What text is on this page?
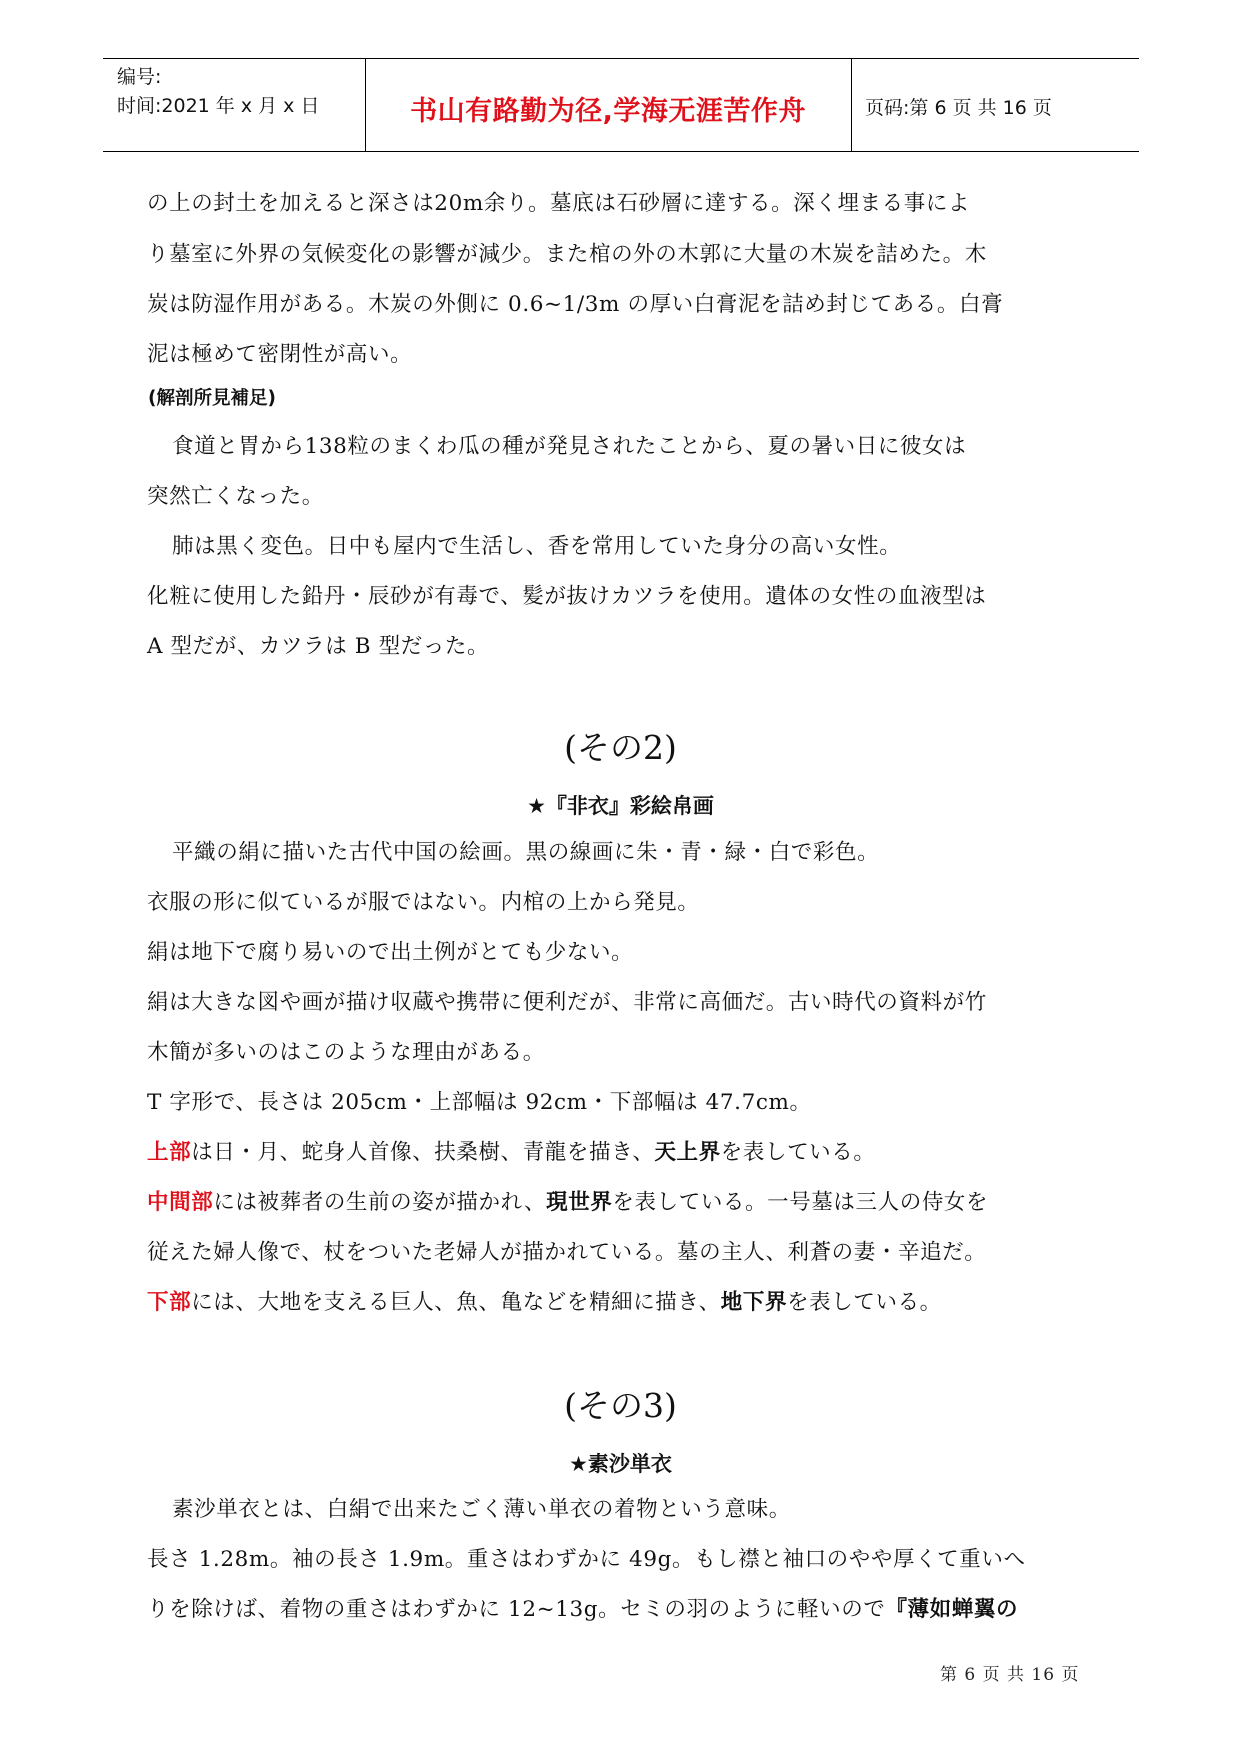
编号:
时间:2021 年 x 月 x 日	书山有路勤为径,学海无涯苦作舟	页码:第 6 页 共 16 页
の上の封土を加えると深さは20m余り。墓底は石砂層に達する。深く埋まる事によ
り墓室に外界の気候変化の影響が減少。また棺の外の木郭に大量の木炭を詰めた。木
炭は防湿作用がある。木炭の外側に 0.6~1/3m の厚い白膏泥を詰め封じてある。白膏
泥は極めて密閉性が高い。
(解剖所見補足)
食道と胃から138粒のまくわ瓜の種が発見されたことから、夏の暑い日に彼女は
突然亡くなった。
肺は黒く変色。日中も屋内で生活し、香を常用していた身分の高い女性。
化粧に使用した鉛丹・辰砂が有毒で、髪が抜けカツラを使用。遺体の女性の血液型は
A 型だが、カツラは B 型だった。
(その2)
★『非衣』彩絵帛画
平織の絹に描いた古代中国の絵画。黒の線画に朱・青・緑・白で彩色。
衣服の形に似ているが服ではない。内棺の上から発見。
絹は地下で腐り易いので出土例がとても少ない。
絹は大きな図や画が描け収蔵や携帯に便利だが、非常に高価だ。古い時代の資料が竹
木簡が多いのはこのような理由がある。
T 字形で、長さは 205cm・上部幅は 92cm・下部幅は 47.7cm。
上部は日・月、蛇身人首像、扶桑樹、青龍を描き、天上界を表している。
中間部には被葬者の生前の姿が描かれ、現世界を表している。一号墓は三人の侍女を
従えた婦人像で、杖をついた老婦人が描かれている。墓の主人、利蒼の妻・辛追だ。
下部には、大地を支える巨人、魚、亀などを精細に描き、地下界を表している。
(その3)
★素沙単衣
素沙単衣とは、白絹で出来たごく薄い単衣の着物という意味。
長さ 1.28m。袖の長さ 1.9m。重さはわずかに 49g。もし襟と袖口のやや厚くて重いへ
りを除けば、着物の重さはわずかに 12~13g。セミの羽のように軽いので『薄如蝉翼の
第 6 页 共 16 页
